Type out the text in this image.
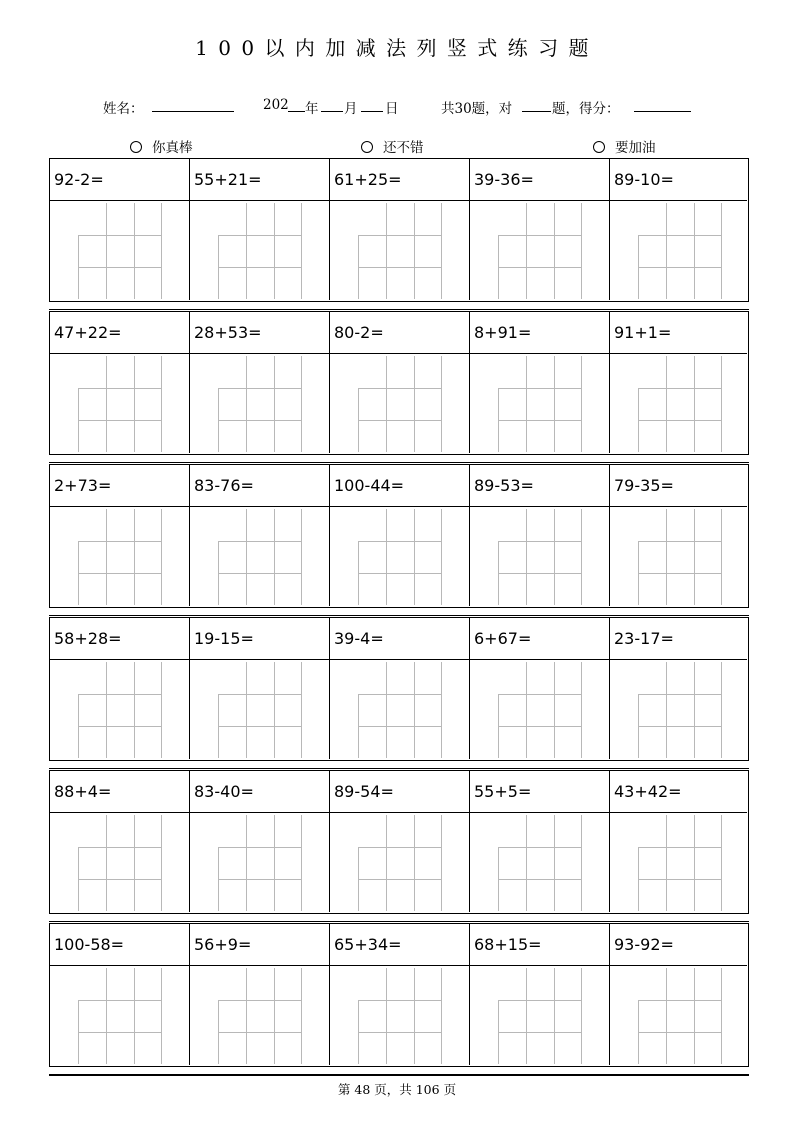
100以内加减法列竖式练习题
姓名：	202 年 月 日	共30题，对	题，得分：
你真棒	还不错	要加油
92-2=	55+21=	61+25=	39-36=	89-10=
47+22=	28+53=	80-2=	8+91=	91+1=
2+73=	83-76=	100-44=	89-53=	79-35=
58+28=	19-15=	39-4=	6+67=	23-17=
88+4=	83-40=	89-54=	55+5=	43+42=
100-58=	56+9=	65+34=	68+15=	93-92=
第 48 页，共 106 页
